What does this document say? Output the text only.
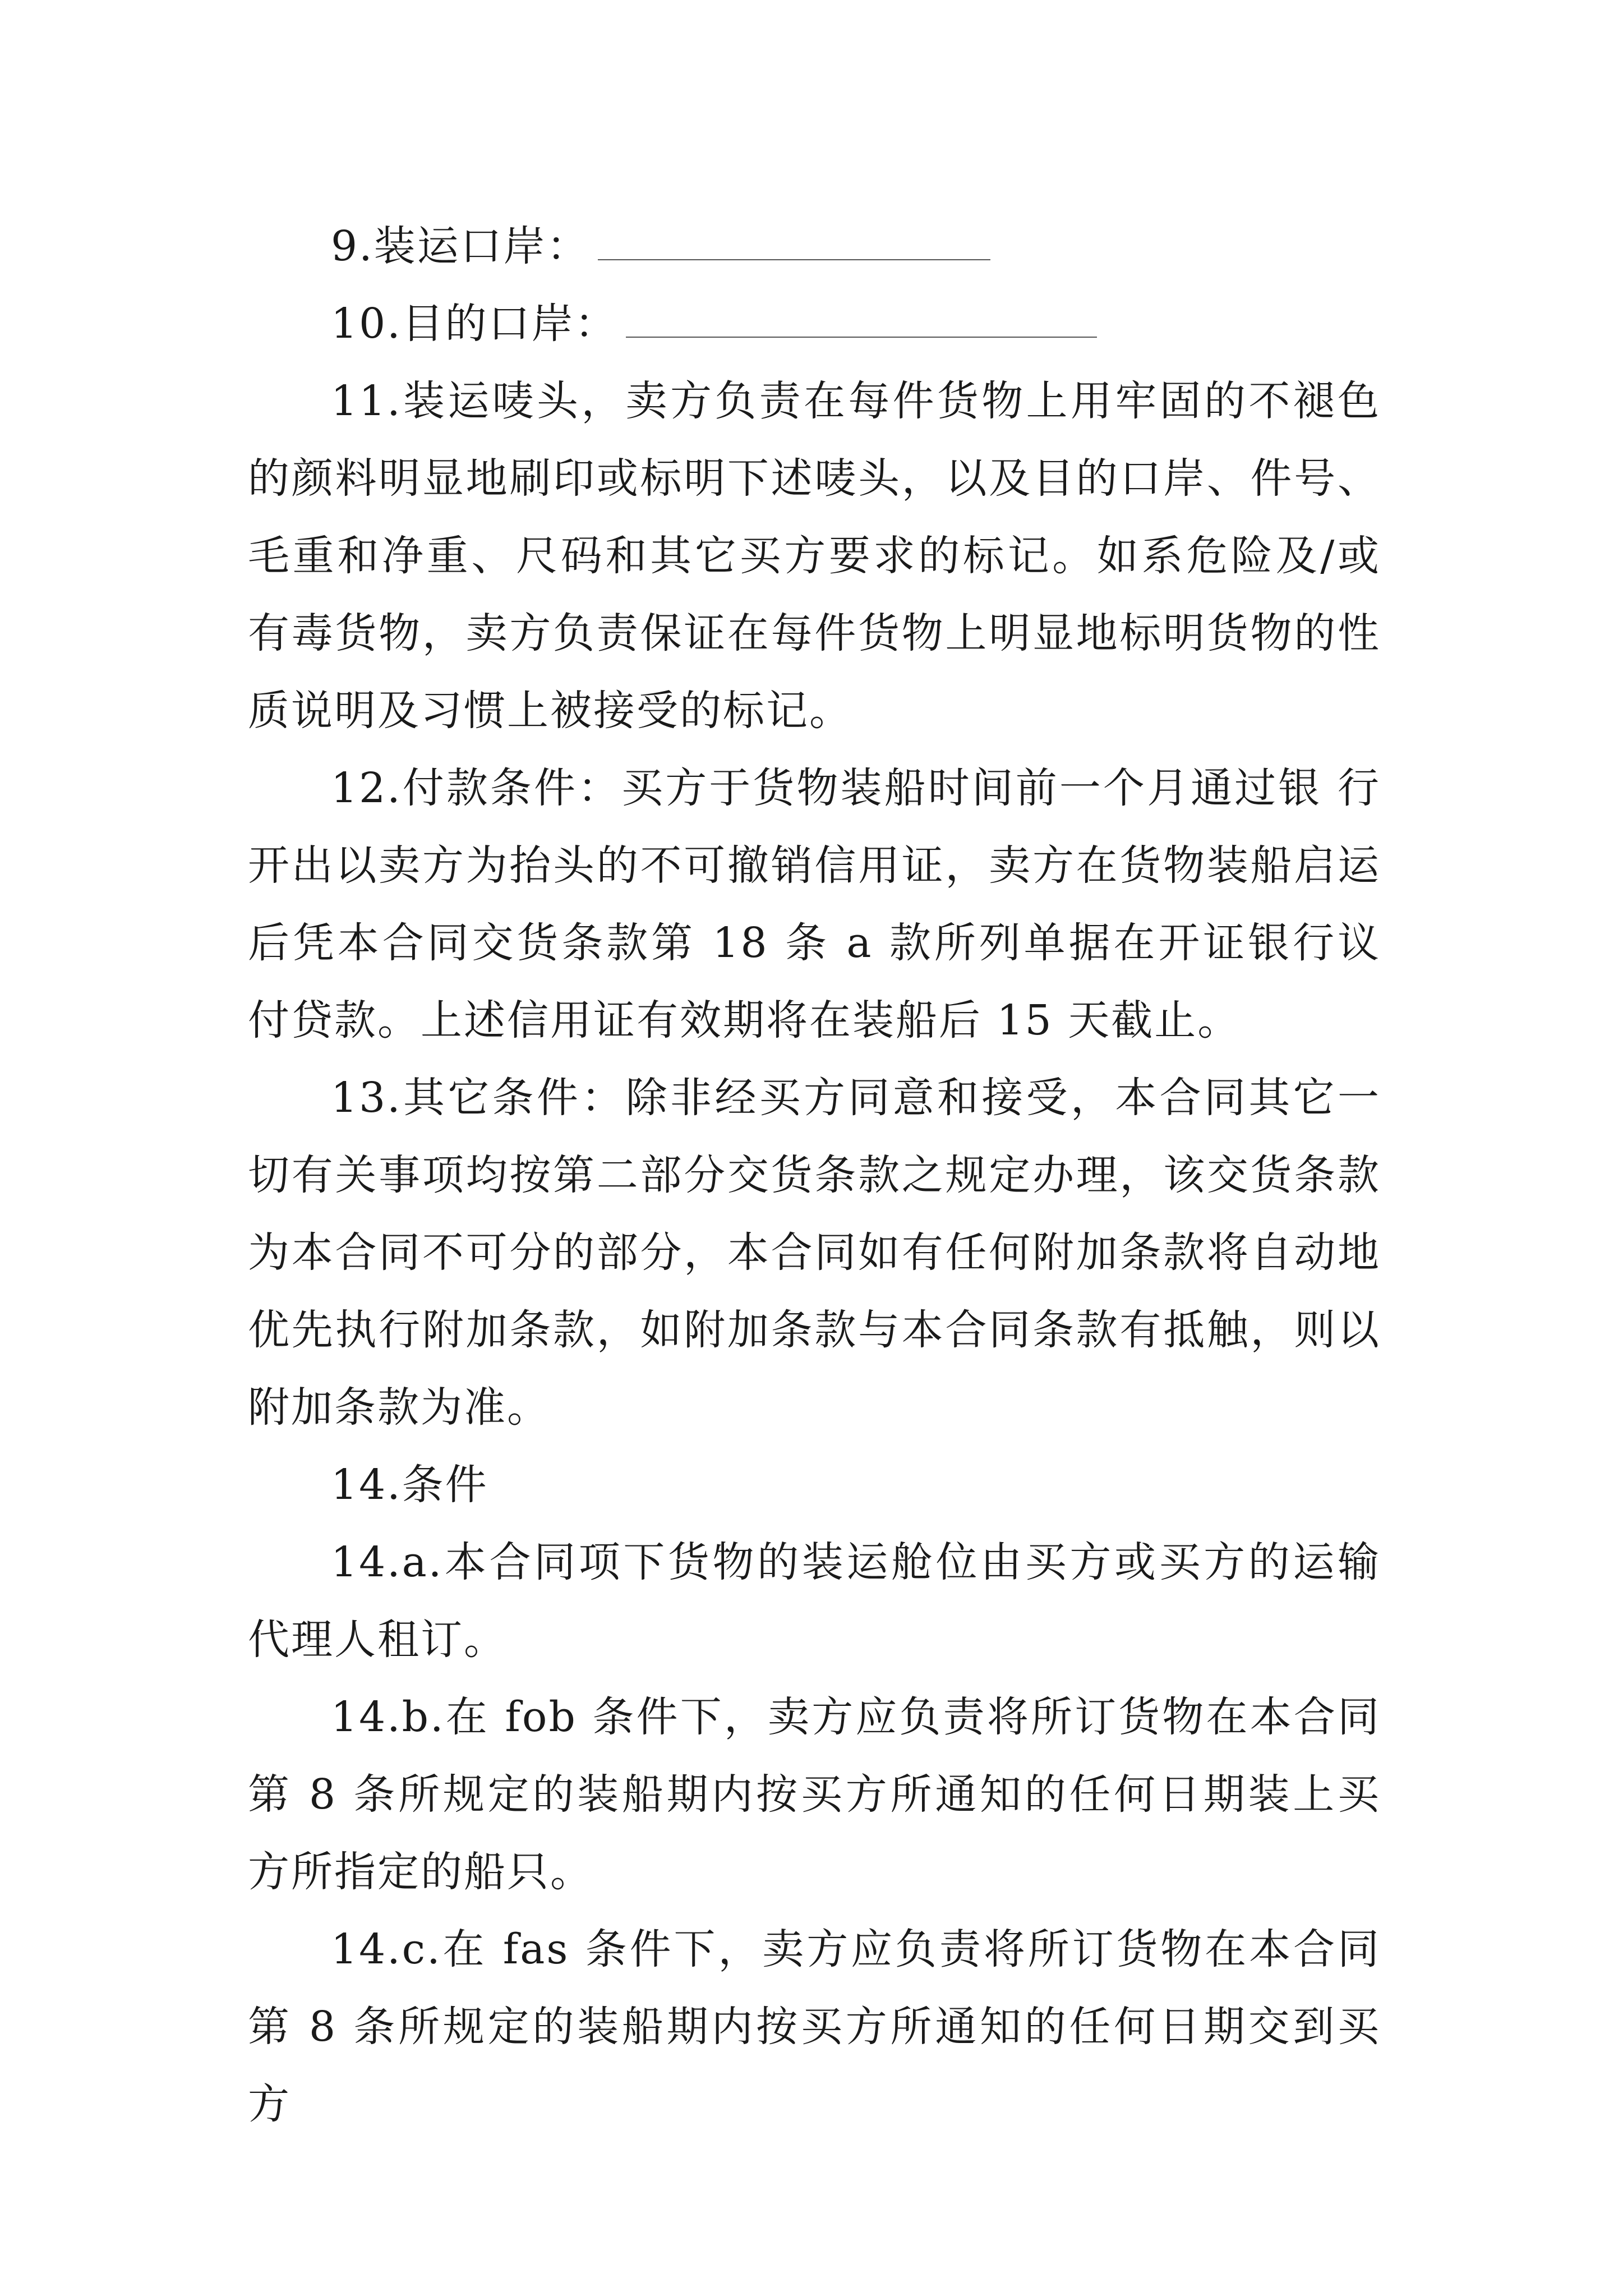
9.装运口岸：

10.目的口岸：

11.装运唛头，卖方负责在每件货物上用牢固的不褪色的颜料明显地刷印或标明下述唛头，以及目的口岸、件号、毛重和净重、尺码和其它买方要求的标记。如系危险及/或有毒货物，卖方负责保证在每件货物上明显地标明货物的性质说明及习惯上被接受的标记。

12.付款条件：买方于货物装船时间前一个月通过银 行开出以卖方为抬头的不可撤销信用证，卖方在货物装船启运后凭本合同交货条款第 18 条 a 款所列单据在开证银行议付贷款。上述信用证有效期将在装船后 15 天截止。

13.其它条件：除非经买方同意和接受，本合同其它一切有关事项均按第二部分交货条款之规定办理，该交货条款为本合同不可分的部分，本合同如有任何附加条款将自动地优先执行附加条款，如附加条款与本合同条款有抵触，则以附加条款为准。

14.条件

14.a.本合同项下货物的装运舱位由买方或买方的运输代理人租订。

14.b.在 fob 条件下，卖方应负责将所订货物在本合同第 8 条所规定的装船期内按买方所通知的任何日期装上买方所指定的船只。

14.c.在 fas 条件下，卖方应负责将所订货物在本合同第 8 条所规定的装船期内按买方所通知的任何日期交到买方
